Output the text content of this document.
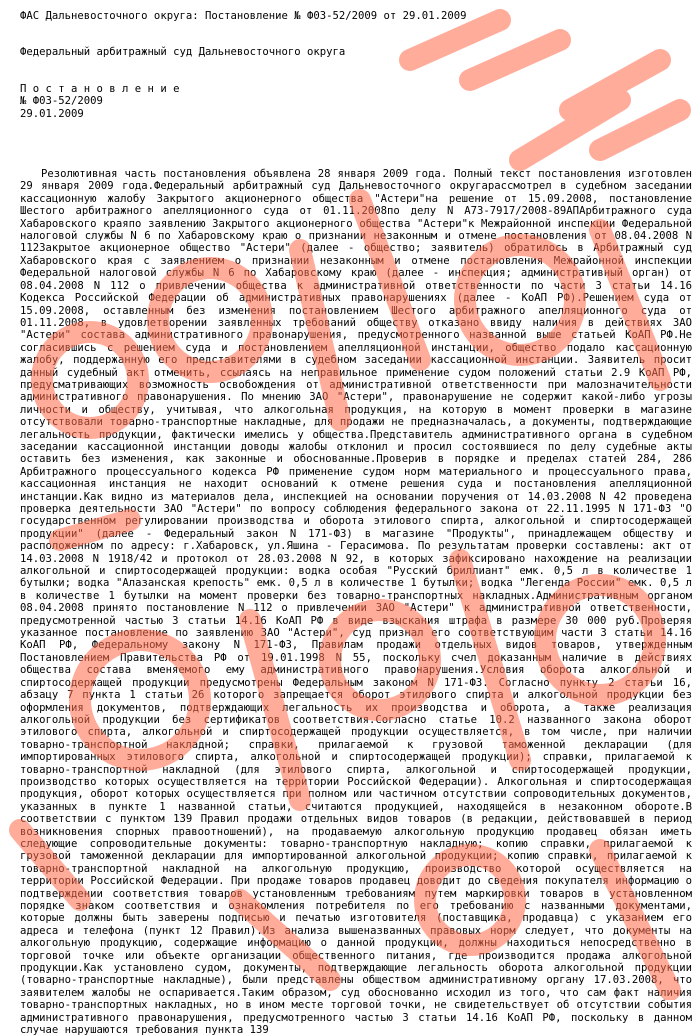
ФАС Дальневосточного округа: Постановление № Ф03-52/2009 от 29.01.2009
Федеральный арбитражный суд Дальневосточного округа
П о с т а н о в л е н и е
№ Ф03-52/2009
29.01.2009
Резолютивная часть постановления объявлена 28 января 2009 года. Полный текст постановления изготовлен 29 января 2009 года.Федеральный арбитражный суд Дальневосточного округарассмотрел в судебном заседании кассационную жалобу Закрытого акционерного общества "Астери"на решение от 15.09.2008, постановление Шестого арбитражного апелляционного суда от 01.11.2008по делу N А73-7917/2008-89АПАрбитражного суда Хабаровского краяпо заявлению Закрытого акционерного общества "Астери"к Межрайонной инспекции Федеральной налоговой службы N 6 по Хабаровскому краю о признании незаконным и отмене постановления от 08.04.2008 N 112Закрытое акционерное общество "Астери" (далее - общество; заявитель) обратилось в Арбитражный суд Хабаровского края с заявлением о признании незаконным и отмене постановления Межрайонной инспекции Федеральной налоговой службы N 6 по Хабаровскому краю (далее - инспекция; административный орган) от 08.04.2008 N 112 о привлечении общества к административной ответственности по части 3 статьи 14.16 Кодекса Российской Федерации об административных правонарушениях (далее - КоАП РФ).Решением суда от 15.09.2008, оставленным без изменения постановлением Шестого арбитражного апелляционного суда от 01.11.2008, в удовлетворении заявленных требований обществу отказано ввиду наличия в действиях ЗАО "Астери" состава административного правонарушения, предусмотренного названной выше статьей КоАП РФ.Не согласившись с решением суда и постановлением апелляционной инстанции, общество подало кассационную жалобу, поддержанную его представителями в судебном заседании кассационной инстанции. Заявитель просит данный судебный акт отменить, ссылаясь на неправильное применение судом положений статьи 2.9 КоАП РФ, предусматривающих возможность освобождения от административной ответственности при малозначительности административного правонарушения. По мнению ЗАО "Астери", правонарушение не содержит какой-либо угрозы личности и обществу, учитывая, что алкогольная продукция, на которую в момент проверки в магазине отсутствовали товарно-транспортные накладные, для продажи не предназначалась, а документы, подтверждающие легальность продукции, фактически имелись у общества.Представитель административного органа в судебном заседании кассационной инстанции доводы жалобы отклонил и просил состоявшиеся по делу судебные акты оставить без изменения, как законные и обоснованные.Проверив в порядке и пределах статей 284, 286 Арбитражного процессуального кодекса РФ применение судом норм материального и процессуального права, кассационная инстанция не находит оснований к отмене решения суда и постановления апелляционной инстанции.Как видно из материалов дела, инспекцией на основании поручения от 14.03.2008 N 42 проведена проверка деятельности ЗАО "Астери" по вопросу соблюдения федерального закона от 22.11.1995 N 171-ФЗ "О государственном регулировании производства и оборота этилового спирта, алкогольной и спиртосодержащей продукции" (далее - Федеральный закон N 171-ФЗ) в магазине "Продукты", принадлежащем обществу и расположенном по адресу: г.Хабаровск, ул.Яшина - Герасимова. По результатам проверки составлены: акт от 14.03.2008 N 1918/42 и протокол от 28.03.2008 N 92, в которых зафиксировано нахождение на реализации алкогольной и спиртосодержащей продукции: водка особая "Русский бриллиант" емк. 0,5 л в количестве 1 бутылки; водка "Алазанская крепость" емк. 0,5 л в количестве 1 бутылки; водка "Легенда России" емк. 0,5 л в количестве 1 бутылки на момент проверки без товарно-транспортных накладных.Административным органом 08.04.2008 принято постановление N 112 о привлечении ЗАО "Астери" к административной ответственности, предусмотренной частью 3 статьи 14.16 КоАП РФ в виде взыскания штрафа в размере 30 000 руб.Проверяя указанное постановление по заявлению ЗАО "Астери", суд признал его соответствующим части 3 статьи 14.16 КоАП РФ, Федеральному закону N 171-ФЗ, Правилам продажи отдельных видов товаров, утвержденным Постановлением Правительства РФ от 19.01.1998 N 55, поскольку счел доказанным наличие в действиях общества состава вменяемого ему административного правонарушения.Условия оборота алкогольной и спиртосодержащей продукции предусмотрены Федеральным законом N 171-ФЗ. Согласно пункту 2 статьи 16, абзацу 7 пункта 1 статьи 26 которого запрещается оборот этилового спирта и алкогольной продукции без оформления документов, подтверждающих легальность их производства и оборота, а также реализация алкогольной продукции без сертификатов соответствия.Согласно статье 10.2 названного закона оборот этилового спирта, алкогольной и спиртосодержащей продукции осуществляется, в том числе, при наличии товарно-транспортной накладной; справки, прилагаемой к грузовой таможенной декларации (для импортированных этилового спирта, алкогольной и спиртосодержащей продукции); справки, прилагаемой к товарно-транспортной накладной (для этилового спирта, алкогольной и спиртосодержащей продукции, производство которых осуществляется на территории Российской Федерации). Алкогольная и спиртосодержащая продукция, оборот которых осуществляется при полном или частичном отсутствии сопроводительных документов, указанных в пункте 1 названной статьи, считаются продукцией, находящейся в незаконном обороте.В соответствии с пунктом 139 Правил продажи отдельных видов товаров (в редакции, действовавшей в период возникновения спорных правоотношений), на продаваемую алкогольную продукцию продавец обязан иметь следующие сопроводительные документы: товарно-транспортную накладную; копию справки, прилагаемой к грузовой таможенной декларации для импортированной алкогольной продукции; копию справки, прилагаемой к товарно-транспортной накладной на алкогольную продукцию, производство которой осуществляется на территории Российской Федерации. При продаже товаров продавец доводит до сведения покупателя информацию о подтверждении соответствия товаров установленным требованиям путем маркировки товаров в установленном порядке знаком соответствия и ознакомления потребителя по его требованию с названными документами, которые должны быть заверены подписью и печатью изготовителя (поставщика, продавца) с указанием его адреса и телефона (пункт 12 Правил).Из анализа вышеназванных правовых норм следует, что документы на алкогольную продукцию, содержащие информацию о данной продукции, должны находиться непосредственно в торговой точке или объекте организации общественного питания, где производится продажа алкогольной продукции.Как установлено судом, документы, подтверждающие легальность оборота алкогольной продукции (товарно-транспортные накладные), были представлены обществом административному органу 17.03.2008, что заявителем жалобы не оспаривается.Таким образом, суд обоснованно исходил из того, что сам факт наличия товарно-транспортных накладных, но в ином месте торговой точки, не свидетельствует об отсутствии события административного правонарушения, предусмотренного частью 3 статьи 14.16 КоАП РФ, поскольку в данном случае нарушаются требования пункта 139
